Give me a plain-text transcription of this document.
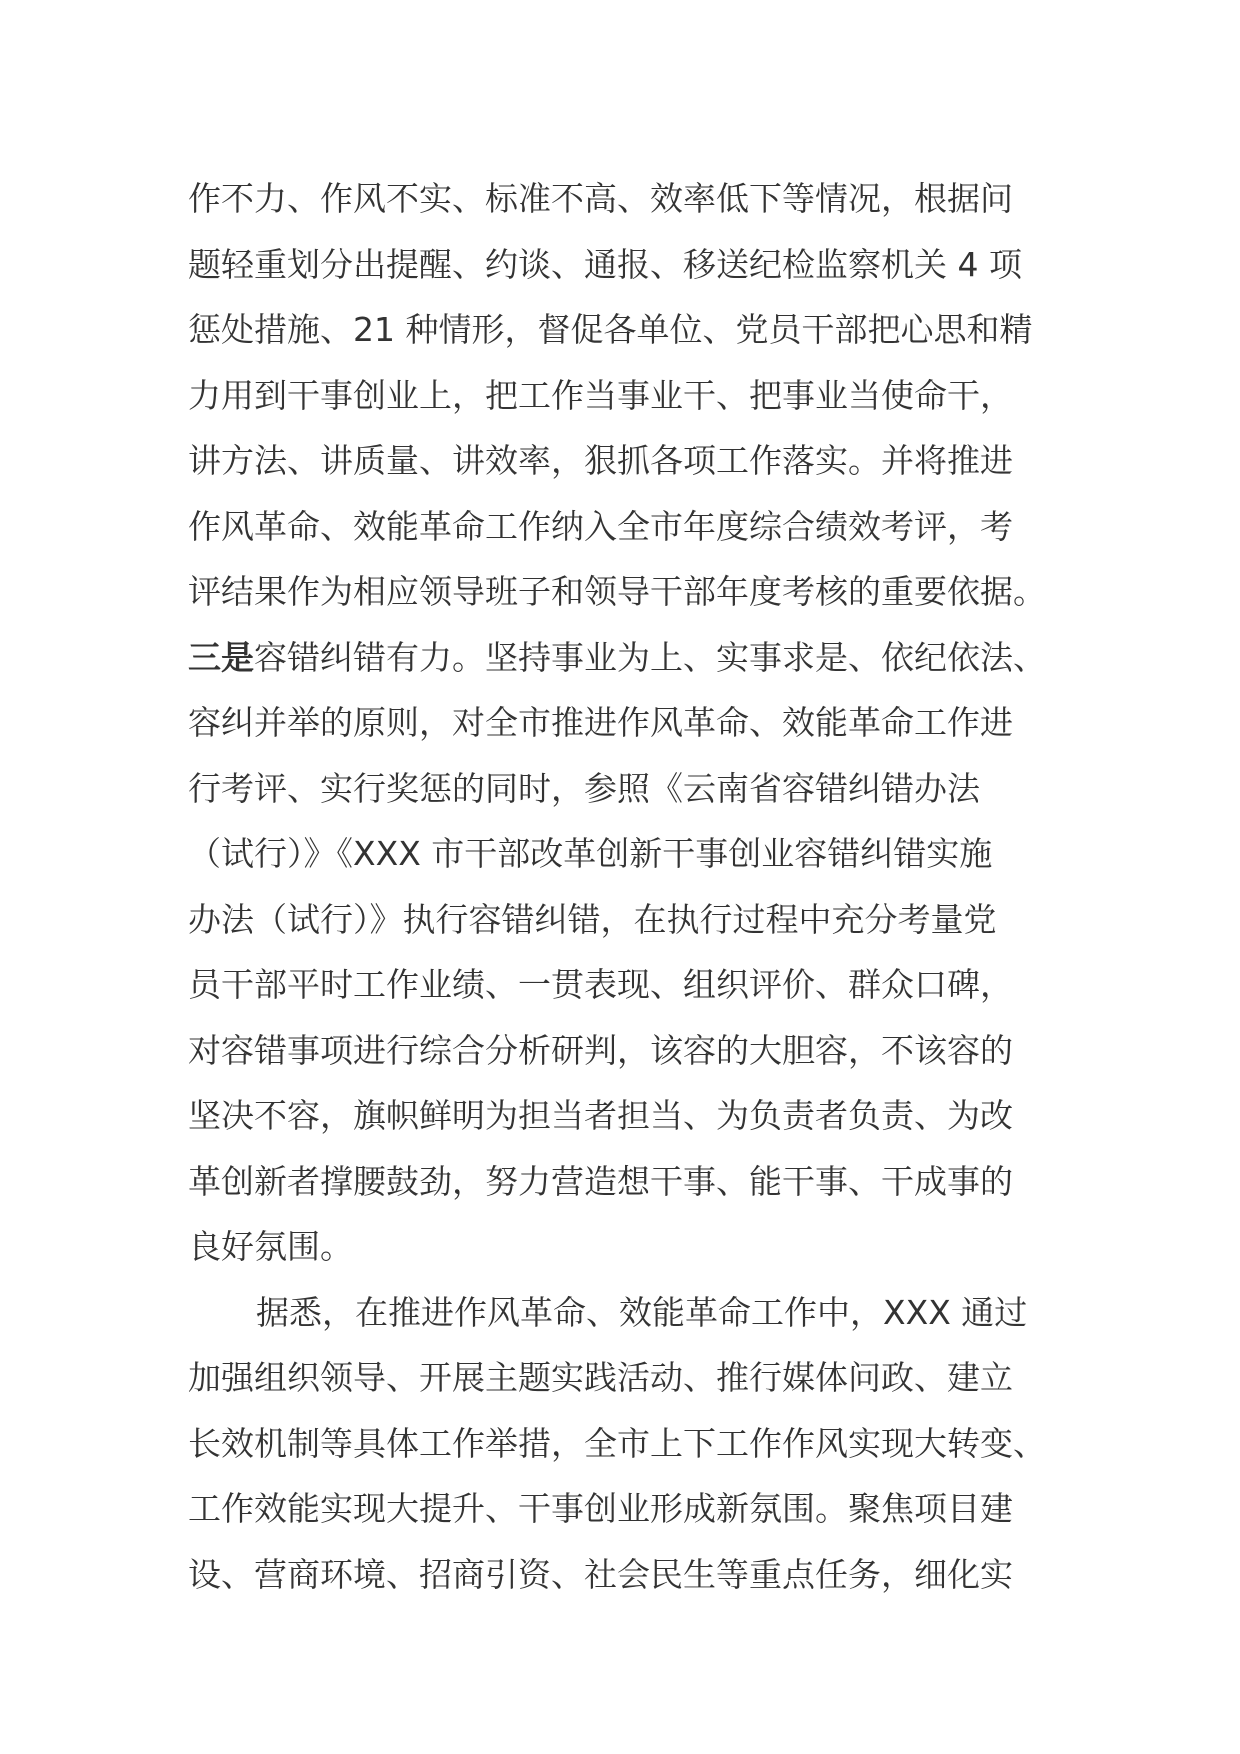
作不力、作风不实、标准不高、效率低下等情况，根据问
题轻重划分出提醒、约谈、通报、移送纪检监察机关 4 项
惩处措施、21 种情形，督促各单位、党员干部把心思和精
力用到干事创业上，把工作当事业干、把事业当使命干，
讲方法、讲质量、讲效率，狠抓各项工作落实。并将推进
作风革命、效能革命工作纳入全市年度综合绩效考评，考
评结果作为相应领导班子和领导干部年度考核的重要依据。
三是容错纠错有力。坚持事业为上、实事求是、依纪依法、
容纠并举的原则，对全市推进作风革命、效能革命工作进
行考评、实行奖惩的同时，参照《云南省容错纠错办法
（试行）》《XXX 市干部改革创新干事创业容错纠错实施
办法（试行）》执行容错纠错，在执行过程中充分考量党
员干部平时工作业绩、一贯表现、组织评价、群众口碑，
对容错事项进行综合分析研判，该容的大胆容，不该容的
坚决不容，旗帜鲜明为担当者担当、为负责者负责、为改
革创新者撑腰鼓劲，努力营造想干事、能干事、干成事的
良好氛围。
据悉，在推进作风革命、效能革命工作中，XXX 通过
加强组织领导、开展主题实践活动、推行媒体问政、建立
长效机制等具体工作举措，全市上下工作作风实现大转变、
工作效能实现大提升、干事创业形成新氛围。聚焦项目建
设、营商环境、招商引资、社会民生等重点任务，细化实
